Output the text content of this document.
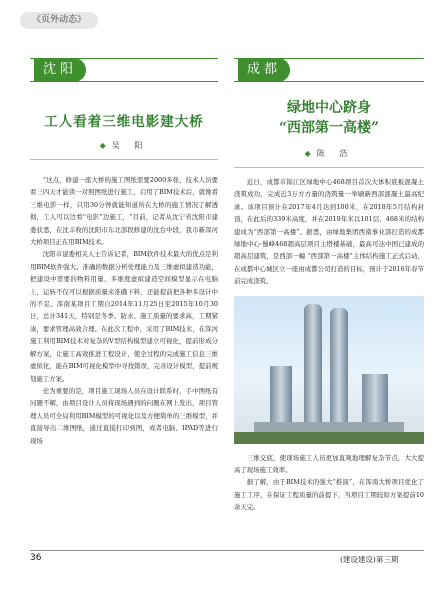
《页外动态》
沈阳
工人看着三维电影建大桥
◆ 吴 阳

“这点，修建一座大桥的施工图纸需要2000多张，技术人员要看三四天才能读一对照图纸进行施工，启用了BIM技术后，就像看三维电影一样，只用30分钟就能知道所在大桥的施工情况了解透彻，工人可以边看“电影”边施工，“目前，记者从沈宁省沈阳市建委获悉，在沈丰收的沈阳市东北部段修建的沈台中段，我市新浑河大桥项目正在用BIM技术。

沈阳市建委相关人士告诉记者，BIM软件技术最大的优点是利用BIM软件强大、准确的数据分析处理能力及三维虚拟建造功能，把建设中需要的物料用量、多维度虚拟建造空间模型显示在电脑上，运转不仅可以根据质量来准确下料，还能提前把各种多设计中的不足。浑南某项目工期自2014年11月25日至2015年10月30日，总计341天，特别是冬季、防水、施工质量的要求高，工期紧凑，要求管理高效合理。在此次工程中，采用了BIM技术，在浑河施工利用BIM技术对复杂的V型结构模型建立可视化，提前形成分解方案，让施工高效推进工程设计，使全过程的完成施工信息三维虚拟化，能在BIM可视化模型中寻找错误，完善设计模型，提前规划施工方案。

史为重要的是，项目施工现场人员在设计联系时，手中图纸有问题不解，由项目设计人员将现场遇到的问题在网上发出，项目管理人员可全局利用BIM模型的可视化以及方便简单的三维模型，并直接导出二维图纸，通过直接打印到图，或者电脑、IPAD等进行现场

成都
绿地中心跻身
“西部第一高楼”
◆ 陈 浩

近日，成都市锦江区绿地中心468项目首次大体积底板混凝土浇筑成功，完成近3万方方量的浇筑量一举刷新西部混凝土最高纪录。该项目预计在2017年4月达到100米，在2018年5月结构封顶，在此后的339米高度，并在2019年米以101层，468米的结构建成为“西部第一高楼”。据悉，由绿地集团西南事业部打造的成都绿地中心·蜀峰468超高层项目主塔楼基础，最高可达中国已建成的超高层建筑，是西部一幢 “西部第一高楼”主体结构施工正式启动，在成都中心城区立一座由成都公司打造的目标，预计于2016年春节前完成浇筑。

三维交底，使现场施工人员更加直观地理解复杂节点，大大提高了现场施工效率。

据了解，由于BIM技术的强大“推演”，在浑南大桥项目优化了施工工序，在保证工程质量的前提下，当项目工期较原方案提前10余天完。

36	(建设建设)第三期
